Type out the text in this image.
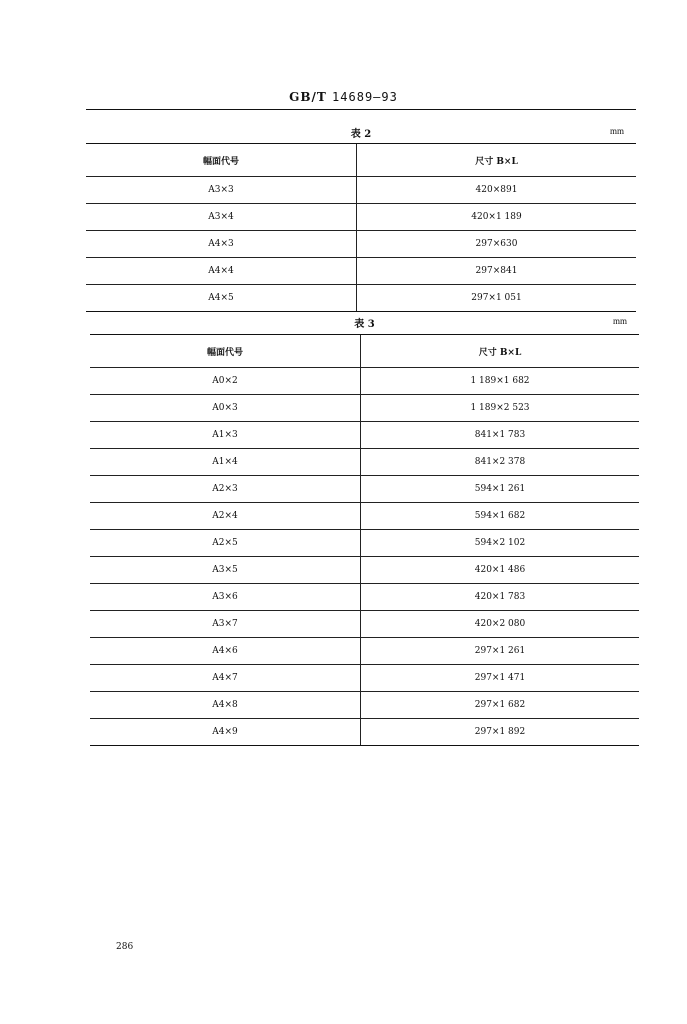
GB/T 14689—93
表 2	mm
幅面代号	尺寸 B×L
A3×3	420×891
A3×4	420×1 189
A4×3	297×630
A4×4	297×841
A4×5	297×1 051
表 3	mm
幅面代号	尺寸 B×L
A0×2	1 189×1 682
A0×3	1 189×2 523
A1×3	841×1 783
A1×4	841×2 378
A2×3	594×1 261
A2×4	594×1 682
A2×5	594×2 102
A3×5	420×1 486
A3×6	420×1 783
A3×7	420×2 080
A4×6	297×1 261
A4×7	297×1 471
A4×8	297×1 682
A4×9	297×1 892
286
